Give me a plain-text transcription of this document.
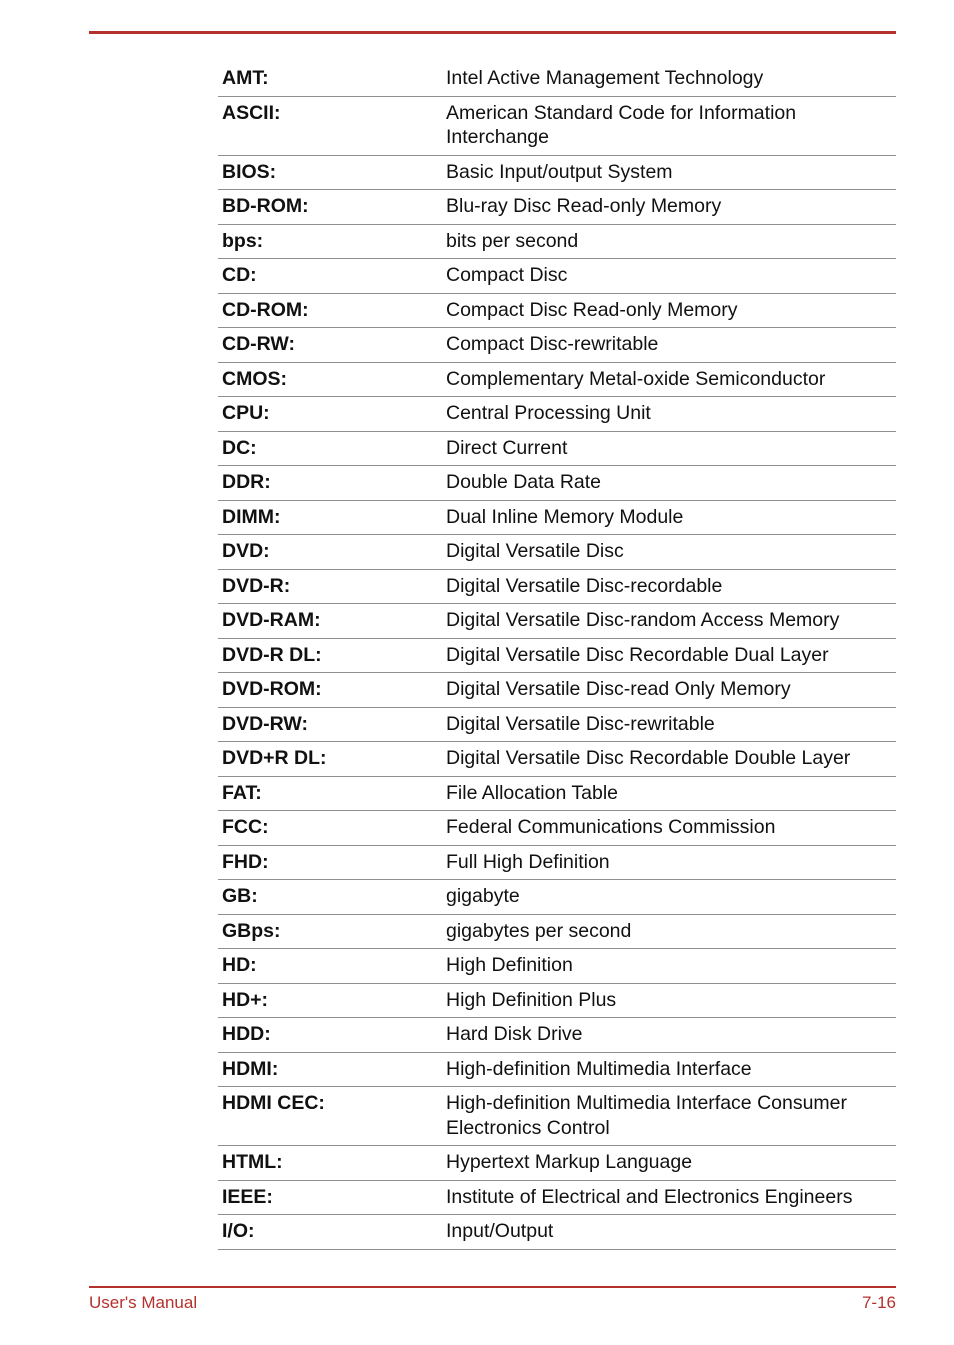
AMT:	Intel Active Management Technology
ASCII:	American Standard Code for Information Interchange
BIOS:	Basic Input/output System
BD-ROM:	Blu-ray Disc Read-only Memory
bps:	bits per second
CD:	Compact Disc
CD-ROM:	Compact Disc Read-only Memory
CD-RW:	Compact Disc-rewritable
CMOS:	Complementary Metal-oxide Semiconductor
CPU:	Central Processing Unit
DC:	Direct Current
DDR:	Double Data Rate
DIMM:	Dual Inline Memory Module
DVD:	Digital Versatile Disc
DVD-R:	Digital Versatile Disc-recordable
DVD-RAM:	Digital Versatile Disc-random Access Memory
DVD-R DL:	Digital Versatile Disc Recordable Dual Layer
DVD-ROM:	Digital Versatile Disc-read Only Memory
DVD-RW:	Digital Versatile Disc-rewritable
DVD+R DL:	Digital Versatile Disc Recordable Double Layer
FAT:	File Allocation Table
FCC:	Federal Communications Commission
FHD:	Full High Definition
GB:	gigabyte
GBps:	gigabytes per second
HD:	High Definition
HD+:	High Definition Plus
HDD:	Hard Disk Drive
HDMI:	High-definition Multimedia Interface
HDMI CEC:	High-definition Multimedia Interface Consumer Electronics Control
HTML:	Hypertext Markup Language
IEEE:	Institute of Electrical and Electronics Engineers
I/O:	Input/Output
User's Manual	7-16
